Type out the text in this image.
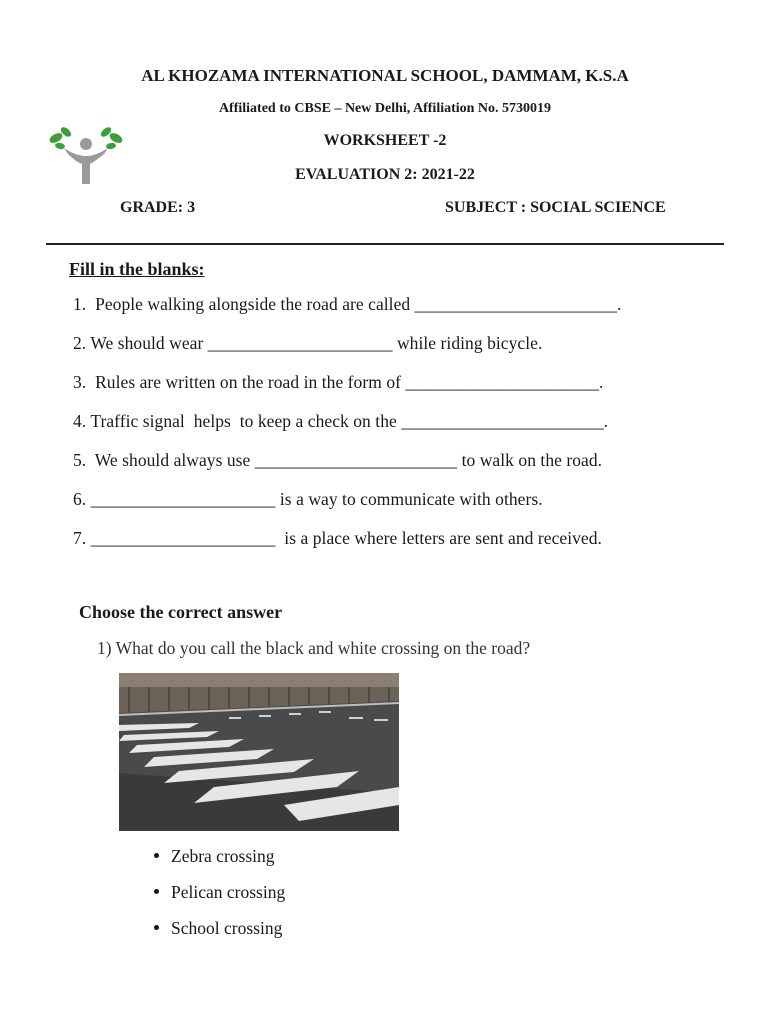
AL KHOZAMA INTERNATIONAL SCHOOL, DAMMAM, K.S.A
Affiliated to CBSE – New Delhi, Affiliation No. 5730019
WORKSHEET -2
EVALUATION 2: 2021-22
GRADE: 3	SUBJECT : SOCIAL SCIENCE
Fill in the blanks:
1.  People walking alongside the road are called _______________________.
2. We should wear _____________________ while riding bicycle.
3.  Rules are written on the road in the form of ______________________.
4. Traffic signal  helps  to keep a check on the _______________________.
5.  We should always use _______________________ to walk on the road.
6. _____________________ is a way to communicate with others.
7. _____________________  is a place where letters are sent and received.
Choose the correct answer
1) What do you call the black and white crossing on the road?
Zebra crossing
Pelican crossing
School crossing
